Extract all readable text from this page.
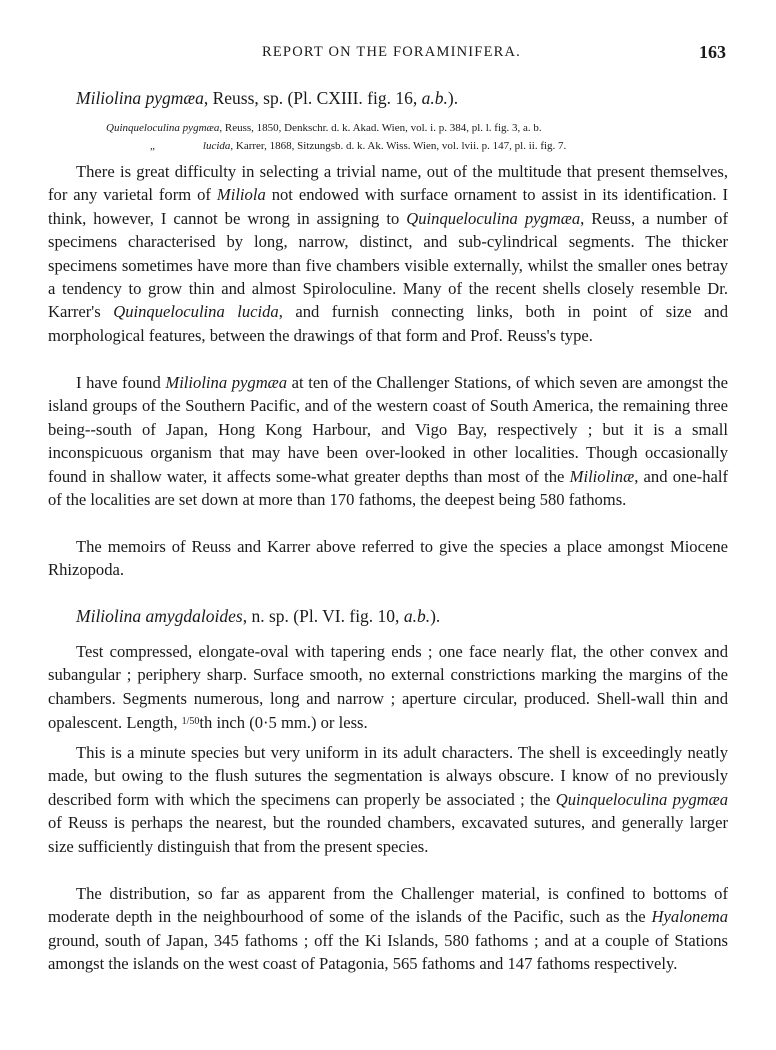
REPORT ON THE FORAMINIFERA.	163
Miliolina pygmæa, Reuss, sp. (Pl. CXIII. fig. 16, a.b.).
Quinqueloculina pygmæa, Reuss, 1850, Denkschr. d. k. Akad. Wien, vol. i. p. 384, pl. l. fig. 3, a. b.
„	lucida, Karrer, 1868, Sitzungsb. d. k. Ak. Wiss. Wien, vol. lvii. p. 147, pl. ii. fig. 7.

There is great difficulty in selecting a trivial name, out of the multitude that present themselves, for any varietal form of Miliola not endowed with surface ornament to assist in its identification. I think, however, I cannot be wrong in assigning to Quinqueloculina pygmæa, Reuss, a number of specimens characterised by long, narrow, distinct, and sub-cylindrical segments. The thicker specimens sometimes have more than five chambers visible externally, whilst the smaller ones betray a tendency to grow thin and almost Spiroloculine. Many of the recent shells closely resemble Dr. Karrer's Quinqueloculina lucida, and furnish connecting links, both in point of size and morphological features, between the drawings of that form and Prof. Reuss's type.

I have found Miliolina pygmæa at ten of the Challenger Stations, of which seven are amongst the island groups of the Southern Pacific, and of the western coast of South America, the remaining three being--south of Japan, Hong Kong Harbour, and Vigo Bay, respectively ; but it is a small inconspicuous organism that may have been over-looked in other localities. Though occasionally found in shallow water, it affects some-what greater depths than most of the Miliolinæ, and one-half of the localities are set down at more than 170 fathoms, the deepest being 580 fathoms.

The memoirs of Reuss and Karrer above referred to give the species a place amongst Miocene Rhizopoda.

Miliolina amygdaloides, n. sp. (Pl. VI. fig. 10, a.b.).

Test compressed, elongate-oval with tapering ends ; one face nearly flat, the other convex and subangular ; periphery sharp. Surface smooth, no external constrictions marking the margins of the chambers. Segments numerous, long and narrow ; aperture circular, produced. Shell-wall thin and opalescent. Length, $^{1/50}$th inch (0·5 mm.) or less.

This is a minute species but very uniform in its adult characters. The shell is exceedingly neatly made, but owing to the flush sutures the segmentation is always obscure. I know of no previously described form with which the specimens can properly be associated ; the Quinqueloculina pygmæa of Reuss is perhaps the nearest, but the rounded chambers, excavated sutures, and generally larger size sufficiently distinguish that from the present species.

The distribution, so far as apparent from the Challenger material, is confined to bottoms of moderate depth in the neighbourhood of some of the islands of the Pacific, such as the Hyalonema ground, south of Japan, 345 fathoms ; off the Ki Islands, 580 fathoms ; and at a couple of Stations amongst the islands on the west coast of Patagonia, 565 fathoms and 147 fathoms respectively.
